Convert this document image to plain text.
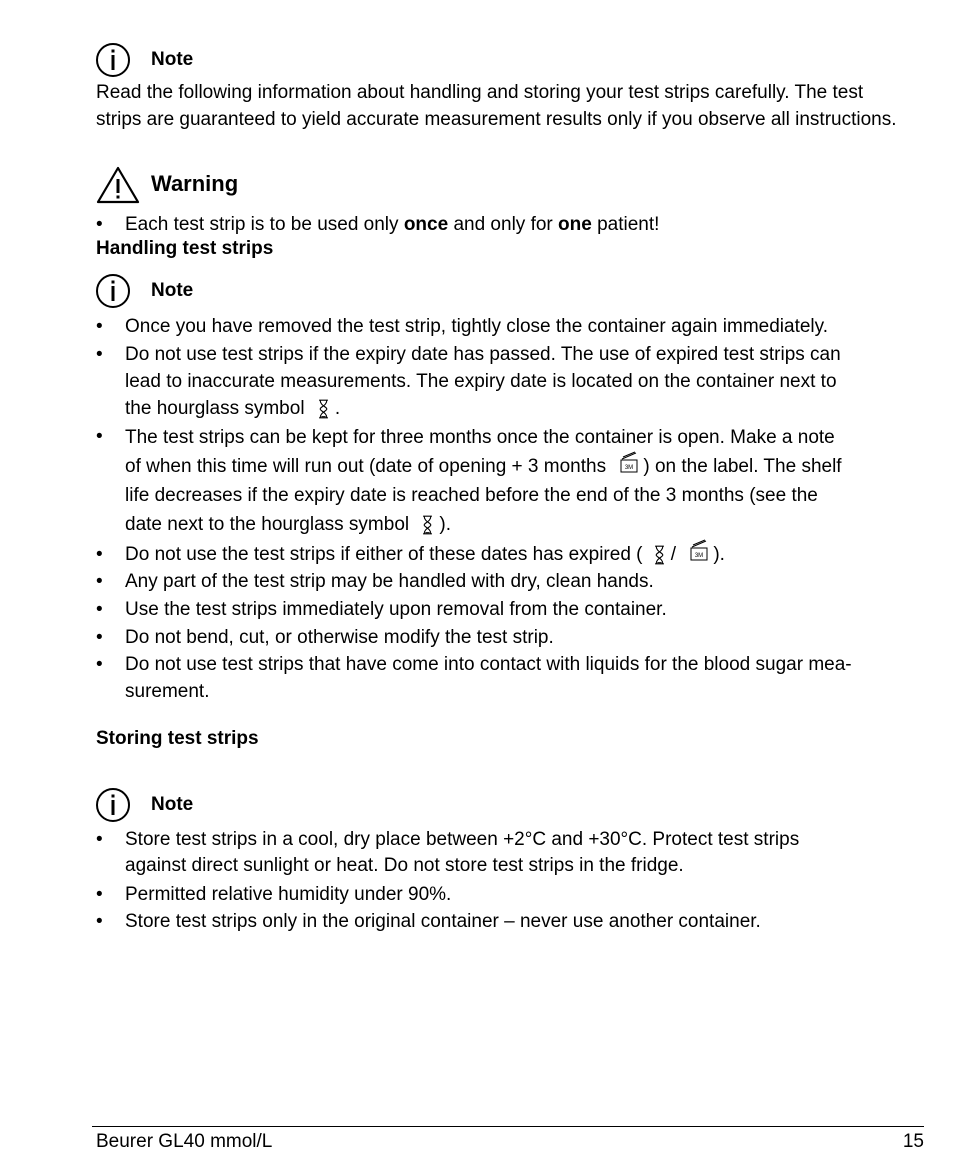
Note
Read the following information about handling and storing your test strips carefully. The test strips are guaranteed to yield accurate measurement results only if you observe all instructions.
Warning
•	Each test strip is to be used only once and only for one patient!
Handling test strips
Note
•	Once you have removed the test strip, tightly close the container again immediately.
•	Do not use test strips if the expiry date has passed. The use of expired test strips can
lead to inaccurate measurements. The expiry date is located on the container next to
the hourglass symbol .
•	The test strips can be kept for three months once the container is open. Make a note
of when this time will run out (date of opening + 3 months ) on the label. The shelf
life decreases if the expiry date is reached before the end of the 3 months (see the
date next to the hourglass symbol ).
•	Do not use the test strips if either of these dates has expired ( / ).
•	Any part of the test strip may be handled with dry, clean hands.
•	Use the test strips immediately upon removal from the container.
•	Do not bend, cut, or otherwise modify the test strip.
•	Do not use test strips that have come into contact with liquids for the blood sugar mea-
surement.
Storing test strips
Note
•	Store test strips in a cool, dry place between +2°C and +30°C. Protect test strips
against direct sunlight or heat. Do not store test strips in the fridge.
•	Permitted relative humidity under 90%.
•	Store test strips only in the original container – never use another container.
Beurer GL40 mmol/L	15
